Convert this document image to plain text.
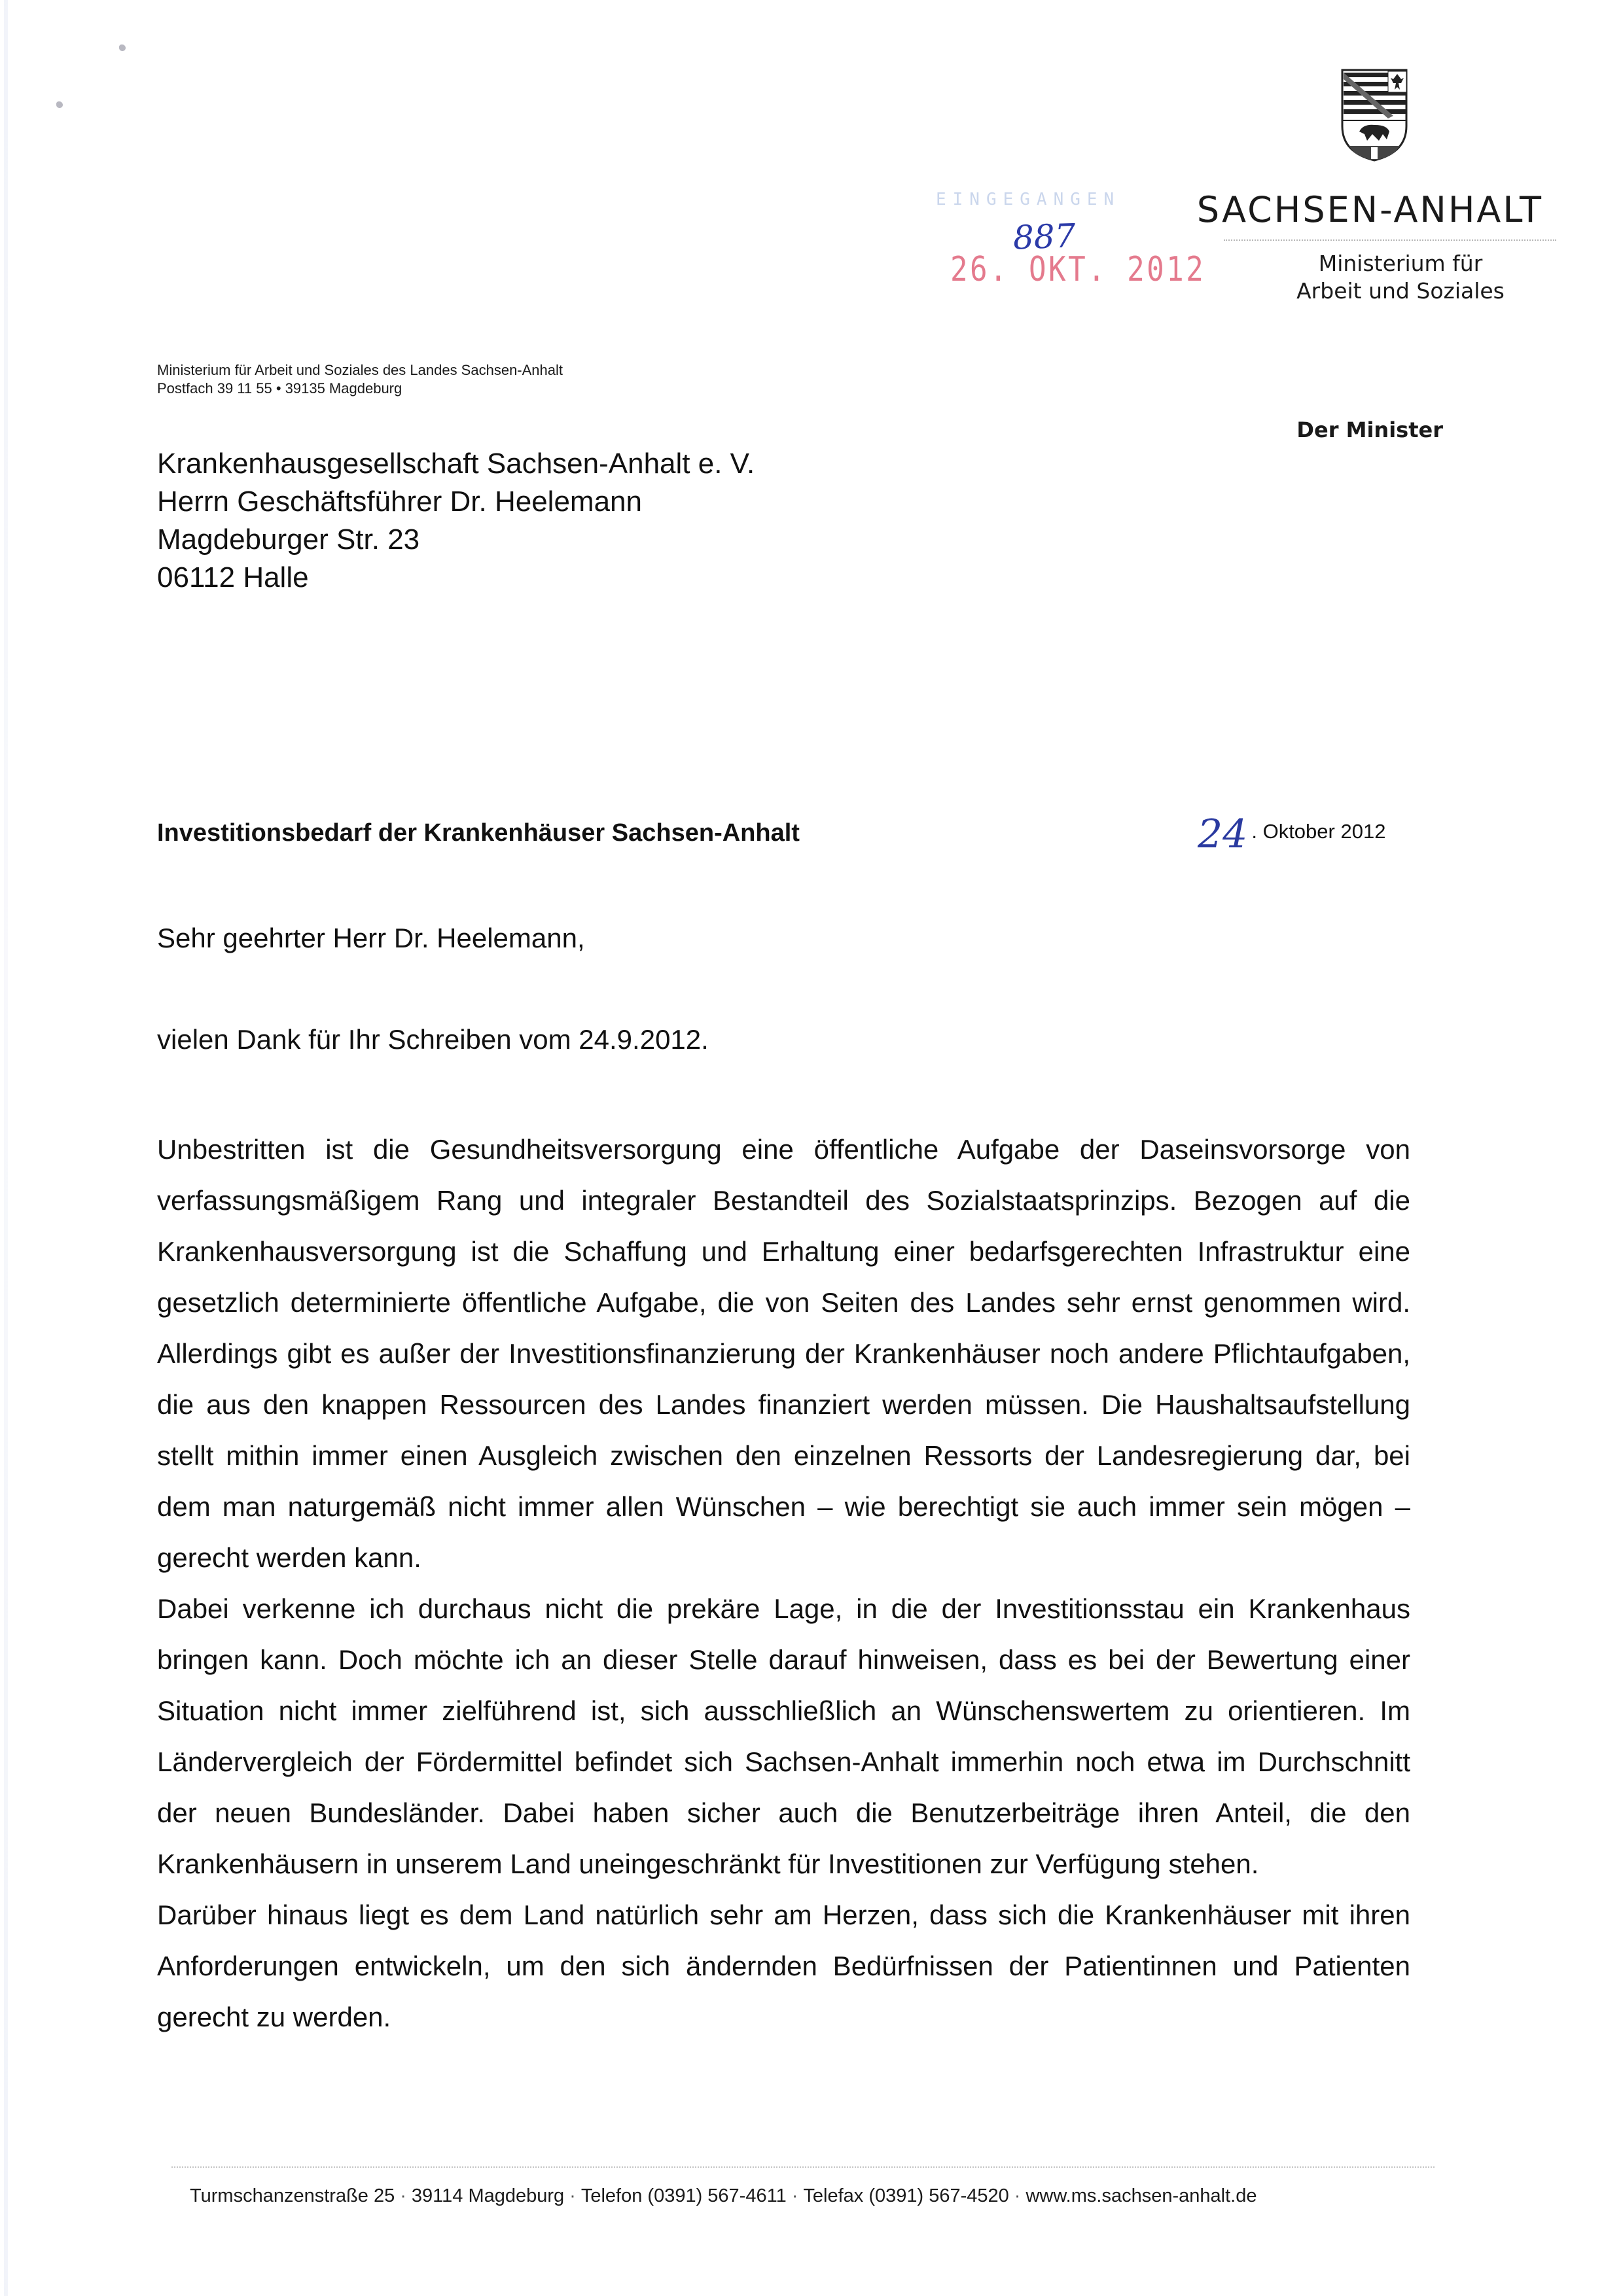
SACHSEN-ANHALT
Ministerium für
Arbeit und Soziales
EINGEGANGEN
887
26. OKT. 2012
Ministerium für Arbeit und Soziales des Landes Sachsen-Anhalt
Postfach 39 11 55 • 39135 Magdeburg
Der Minister
Krankenhausgesellschaft Sachsen-Anhalt e. V.
Herrn Geschäftsführer Dr. Heelemann
Magdeburger Str. 23
06112 Halle
Investitionsbedarf der Krankenhäuser Sachsen-Anhalt	24 . Oktober 2012
Sehr geehrter Herr Dr. Heelemann,
vielen Dank für Ihr Schreiben vom 24.9.2012.

Unbestritten ist die Gesundheitsversorgung eine öffentliche Aufgabe der Daseinsvorsorge von verfassungsmäßigem Rang und integraler Bestandteil des Sozialstaatsprinzips. Bezogen auf die Krankenhausversorgung ist die Schaffung und Erhaltung einer bedarfsgerechten Infrastruktur eine gesetzlich determinierte öffentliche Aufgabe, die von Seiten des Landes sehr ernst genommen wird. Allerdings gibt es außer der Investitionsfinanzierung der Krankenhäuser noch andere Pflichtaufgaben, die aus den knappen Ressourcen des Landes finanziert werden müssen. Die Haushaltsaufstellung stellt mithin immer einen Ausgleich zwischen den einzelnen Ressorts der Landesregierung dar, bei dem man naturgemäß nicht immer allen Wünschen – wie berechtigt sie auch immer sein mögen – gerecht werden kann.

Dabei verkenne ich durchaus nicht die prekäre Lage, in die der Investitionsstau ein Krankenhaus bringen kann. Doch möchte ich an dieser Stelle darauf hinweisen, dass es bei der Bewertung einer Situation nicht immer zielführend ist, sich ausschließlich an Wünschenswertem zu orientieren. Im Ländervergleich der Fördermittel befindet sich Sachsen-Anhalt immerhin noch etwa im Durchschnitt der neuen Bundesländer. Dabei haben sicher auch die Benutzerbeiträge ihren Anteil, die den Krankenhäusern in unserem Land uneingeschränkt für Investitionen zur Verfügung stehen.

Darüber hinaus liegt es dem Land natürlich sehr am Herzen, dass sich die Krankenhäuser mit ihren Anforderungen entwickeln, um den sich ändernden Bedürfnissen der Patientinnen und Patienten gerecht zu werden.

Turmschanzenstraße 25 · 39114 Magdeburg · Telefon (0391) 567-4611 · Telefax (0391) 567-4520 · www.ms.sachsen-anhalt.de
